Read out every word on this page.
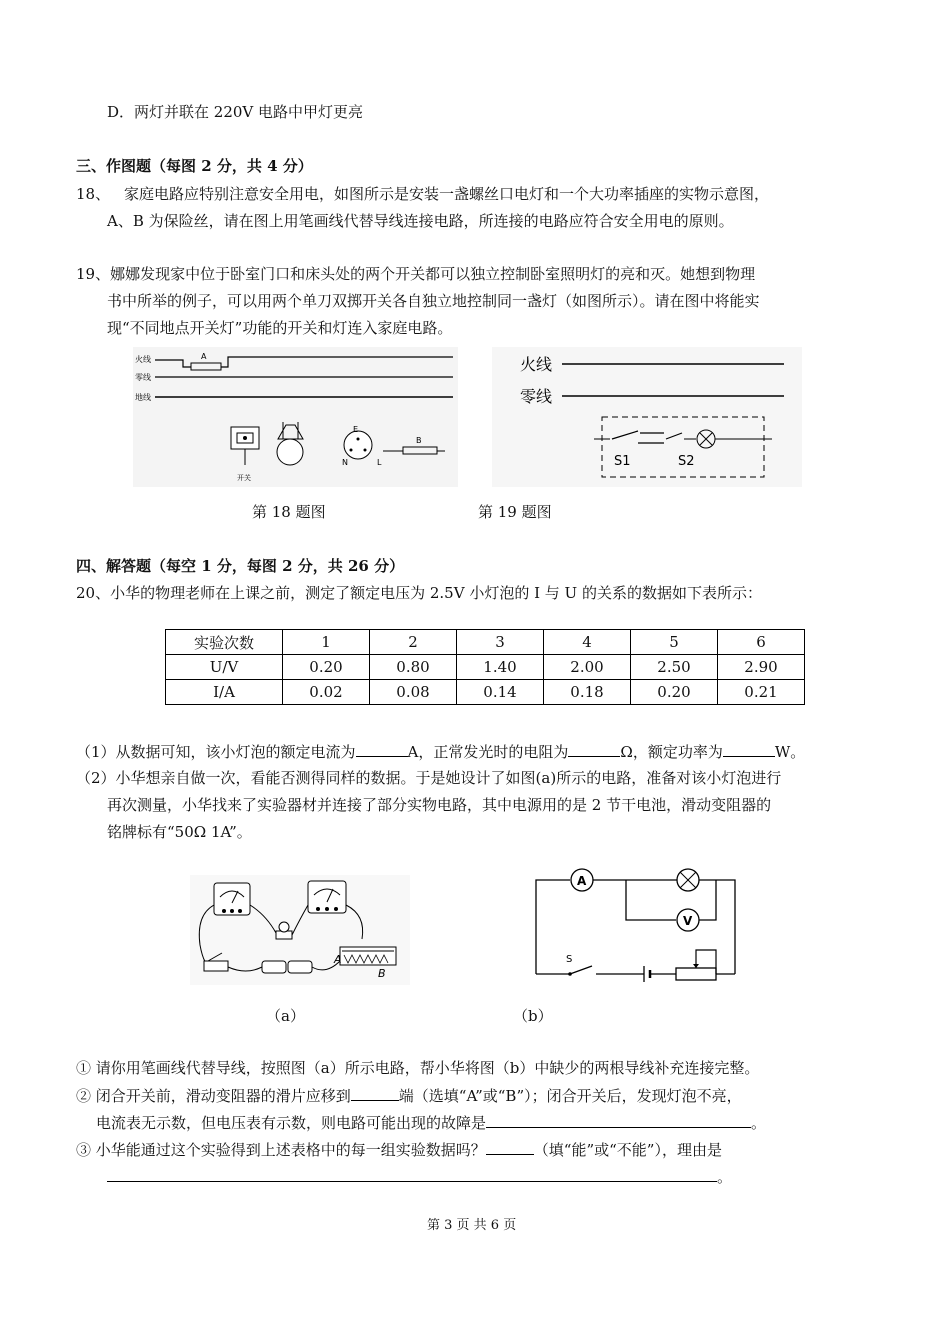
D．两灯并联在 220V 电路中甲灯更亮
三、作图题（每图 2 分，共 4 分）
18、 家庭电路应特别注意安全用电，如图所示是安装一盏螺丝口电灯和一个大功率插座的实物示意图，
A、B 为保险丝，请在图上用笔画线代替导线连接电路，所连接的电路应符合安全用电的原则。
19、娜娜发现家中位于卧室门口和床头处的两个开关都可以独立控制卧室照明灯的亮和灭。她想到物理
书中所举的例子，可以用两个单刀双掷开关各自独立地控制同一盏灯（如图所示）。请在图中将能实
现“不同地点开关灯”功能的开关和灯连入家庭电路。
火线
零线
地线
A
开关
E
L
N
B
火线
零线
S1	S2
第 18 题图	第 19 题图
四、解答题（每空 1 分，每图 2 分，共 26 分）
20、小华的物理老师在上课之前，测定了额定电压为 2.5V 小灯泡的 I 与 U 的关系的数据如下表所示：
实验次数	1	2	3	4	5	6
U/V	0.20	0.80	1.40	2.00	2.50	2.90
I/A	0.02	0.08	0.14	0.18	0.20	0.21
（1）从数据可知，该小灯泡的额定电流为	A，正常发光时的电阻为	Ω，额定功率为	W。
（2）小华想亲自做一次，看能否测得同样的数据。于是她设计了如图(a)所示的电路，准备对该小灯泡进行
再次测量，小华找来了实验器材并连接了部分实物电路，其中电源用的是 2 节干电池，滑动变阻器的
铭牌标有“50Ω 1A”。
A
B
A
V
S
（a）	（b）
① 请你用笔画线代替导线，按照图（a）所示电路，帮小华将图（b）中缺少的两根导线补充连接完整。
② 闭合开关前，滑动变阻器的滑片应移到	端（选填“A”或“B”）；闭合开关后，发现灯泡不亮，
电流表无示数，但电压表有示数，则电路可能出现的故障是	。
③ 小华能通过这个实验得到上述表格中的每一组实验数据吗？	（填“能”或“不能”），理由是
。
第 3 页 共 6 页
